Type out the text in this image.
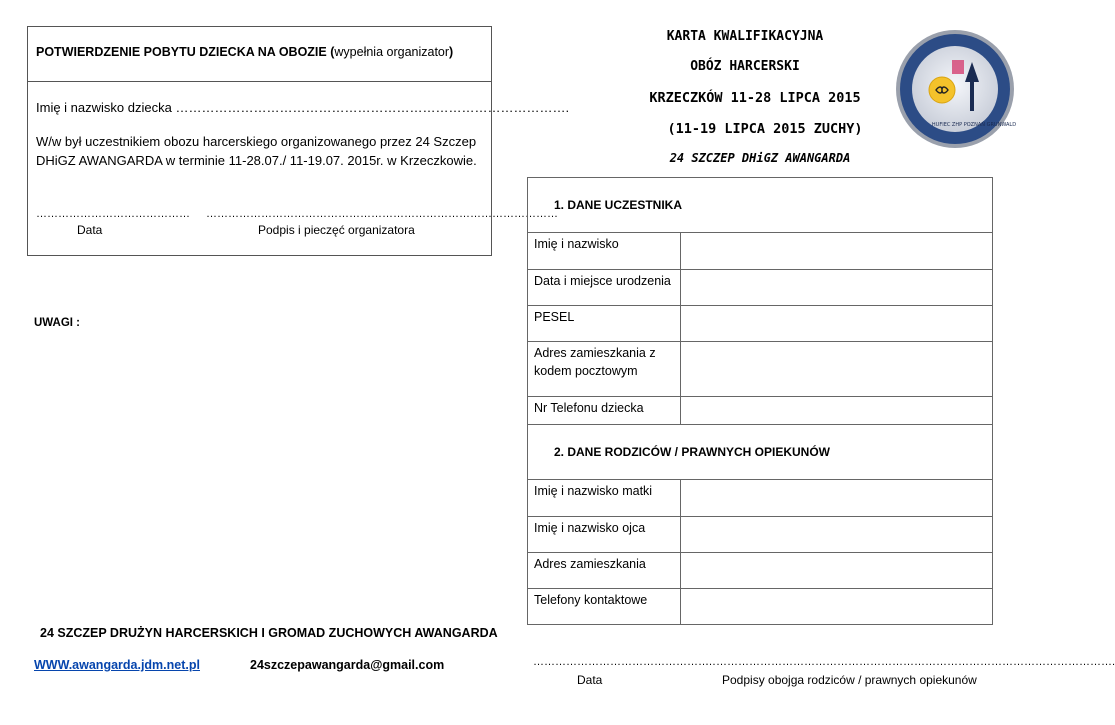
POTWIERDZENIE POBYTU DZIECKA NA OBOZIE (wypełnia organizator)
Imię i nazwisko dziecka ……………………………………………………………………………….
W/w był uczestnikiem obozu harcerskiego organizowanego przez 24 Szczep
DHiGZ AWANGARDA w terminie 11-28.07./ 11-19.07. 2015r. w Krzeczkowie.
…………………………………… ……………………………………………………………………………………
Data	Podpis i pieczęć organizatora
UWAGI :
24 SZCZEP DRUŻYN HARCERSKICH I GROMAD ZUCHOWYCH AWANGARDA
WWW.awangarda.jdm.net.pl	24szczepawangarda@gmail.com
KARTA KWALIFIKACYJNA
OBÓZ HARCERSKI
KRZECZKÓW 11-28 LIPCA 2015
(11-19 LIPCA 2015 ZUCHY)
24 SZCZEP DHiGZ AWANGARDA
HUFIEC ZHP POZNAŃ GRUNWALD
1. DANE UCZESTNIKA	
Imię i nazwisko	
Data i miejsce urodzenia	
PESEL	
Adres zamieszkania z kodem pocztowym	
Nr Telefonu dziecka	
2. DANE RODZICÓW / PRAWNYCH OPIEKUNÓW	
Imię i nazwisko matki	
Imię i nazwisko ojca	
Adres zamieszkania	
Telefony kontaktowe	
…………………………………………
………………………………………………………………………………………………….
Data	Podpisy obojga rodziców / prawnych opiekunów
